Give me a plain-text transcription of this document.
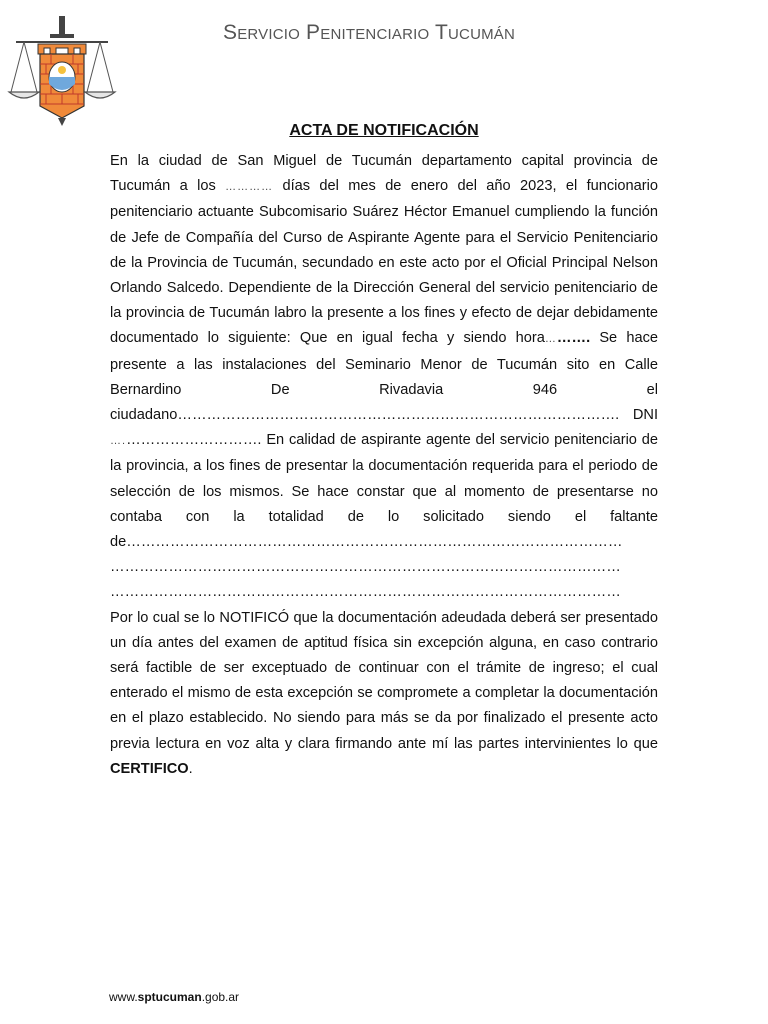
Servicio Penitenciario Tucumán
ACTA DE NOTIFICACIÓN

En la ciudad de San Miguel de Tucumán departamento capital provincia de Tucumán a los ………… días del mes de enero del año 2023, el funcionario penitenciario actuante Subcomisario Suárez Héctor Emanuel cumpliendo la función de Jefe de Compañía del Curso de Aspirante Agente para el Servicio Penitenciario de la Provincia de Tucumán, secundado en este acto por el Oficial Principal Nelson Orlando Salcedo. Dependiente de la Dirección General del servicio penitenciario de la provincia de Tucumán labro la presente a los fines y efecto de dejar debidamente documentado lo siguiente: Que en igual fecha y siendo hora………. Se hace presente a las instalaciones del Seminario Menor de Tucumán sito en Calle Bernardino De Rivadavia 946 el ciudadano………………………………………………………………………………. DNI ….………………………. En calidad de aspirante agente del servicio penitenciario de la provincia, a los fines de presentar la documentación requerida para el periodo de selección de los mismos. Se hace constar que al momento de presentarse no contaba con la totalidad de lo solicitado siendo el faltante de…………………………………………………………………………………………
……………………………………………………………………………………………
……………………………………………………………………………………………

Por lo cual se lo NOTIFICÓ que la documentación adeudada deberá ser presentado un día antes del examen de aptitud física sin excepción alguna, en caso contrario será factible de ser exceptuado de continuar con el trámite de ingreso; el cual enterado el mismo de esta excepción se compromete a completar la documentación en el plazo establecido. No siendo para más se da por finalizado el presente acto previa lectura en voz alta y clara firmando ante mí las partes intervinientes lo que CERTIFICO.

www.sptucuman.gob.ar
